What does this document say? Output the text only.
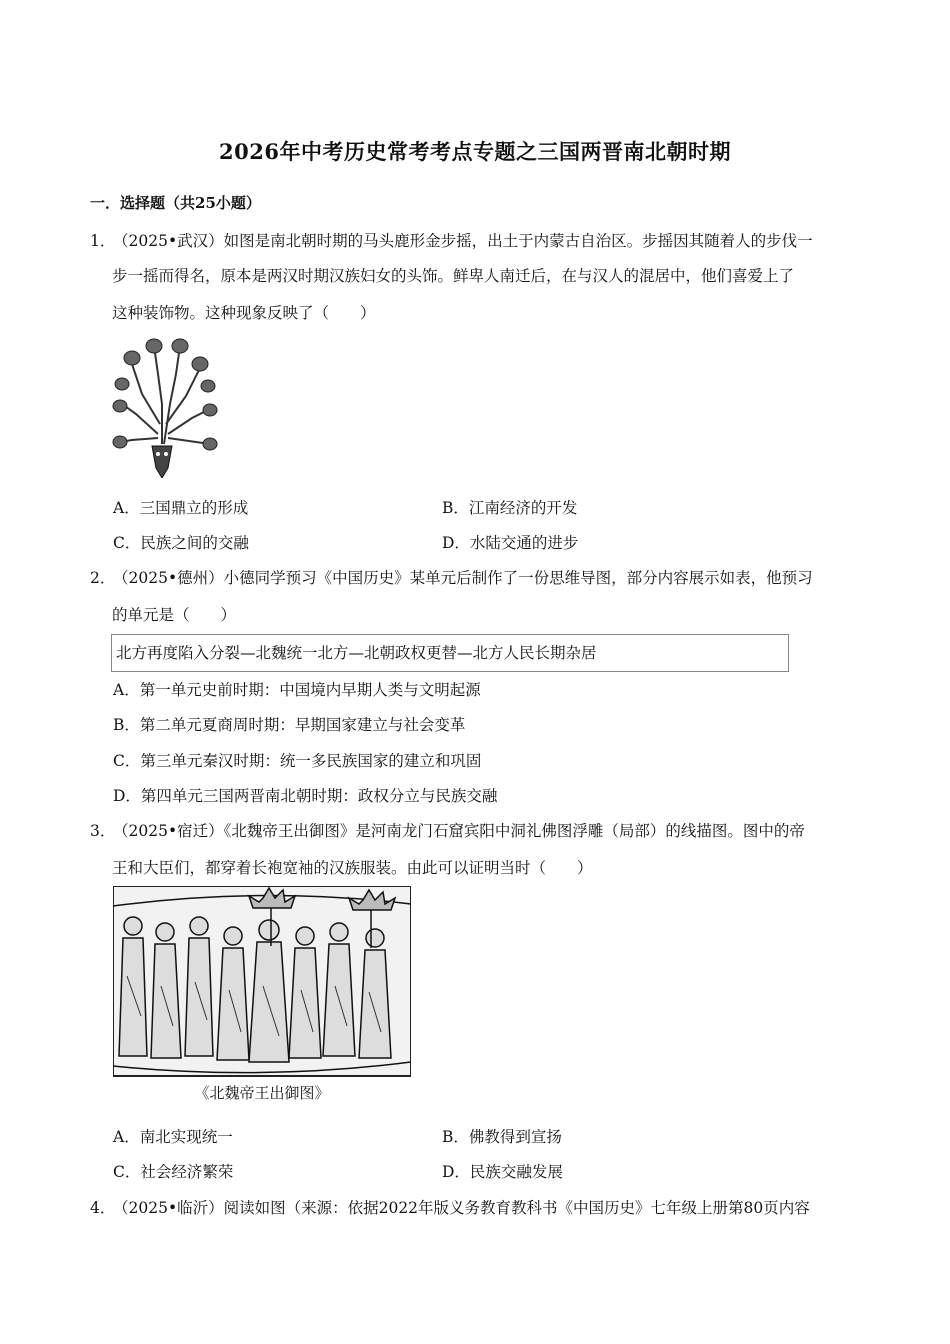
2026年中考历史常考考点专题之三国两晋南北朝时期
一．选择题（共25小题）
1．
（2025•武汉）如图是南北朝时期的马头鹿形金步摇，出土于内蒙古自治区。步摇因其随着人的步伐一
步一摇而得名，原本是两汉时期汉族妇女的头饰。鲜卑人南迁后，在与汉人的混居中，他们喜爱上了
这种装饰物。这种现象反映了（　　）
A．三国鼎立的形成	B．江南经济的开发
C．民族之间的交融	D．水陆交通的进步
2．
（2025•德州）小德同学预习《中国历史》某单元后制作了一份思维导图，部分内容展示如表，他预习
的单元是（　　）
北方再度陷入分裂—北魏统一北方—北朝政权更替—北方人民长期杂居
A．第一单元史前时期：中国境内早期人类与文明起源
B．第二单元夏商周时期：早期国家建立与社会变革
C．第三单元秦汉时期：统一多民族国家的建立和巩固
D．第四单元三国两晋南北朝时期：政权分立与民族交融
3．
（2025•宿迁）《北魏帝王出御图》是河南龙门石窟宾阳中洞礼佛图浮雕（局部）的线描图。图中的帝
王和大臣们，都穿着长袍宽袖的汉族服装。由此可以证明当时（　　）
《北魏帝王出御图》
A．南北实现统一	B．佛教得到宣扬
C．社会经济繁荣	D．民族交融发展
4．
（2025•临沂）阅读如图（来源：依据2022年版义务教育教科书《中国历史》七年级上册第80页内容
